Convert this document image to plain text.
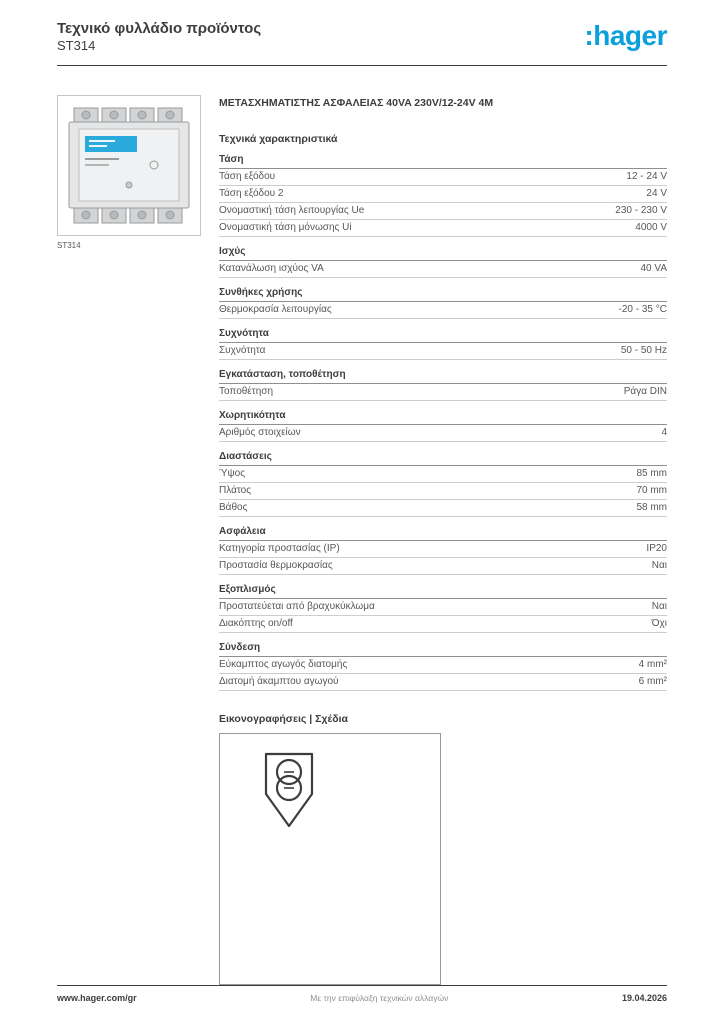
Τεχνικό φυλλάδιο προϊόντος
ST314	:hager
ST314
ΜΕΤΑΣΧΗΜΑΤΙΣΤΗΣ ΑΣΦΑΛΕΙΑΣ 40VA 230V/12-24V 4M
Τεχνικά χαρακτηριστικά
Τάση
Τάση εξόδου	12 - 24 V
Τάση εξόδου 2	24 V
Ονομαστική τάση λειτουργίας Ue	230 - 230 V
Ονομαστική τάση μόνωσης Ui	4000 V
Ισχύς
Κατανάλωση ισχύος VA	40 VA
Συνθήκες χρήσης
Θερμοκρασία λειτουργίας	-20 - 35 °C
Συχνότητα
Συχνότητα	50 - 50 Hz
Εγκατάσταση, τοποθέτηση
Τοποθέτηση	Ράγα DIN
Χωρητικότητα
Αριθμός στοιχείων	4
Διαστάσεις
Ύψος	85 mm
Πλάτος	70 mm
Βάθος	58 mm
Ασφάλεια
Κατηγορία προστασίας (IP)	IP20
Προστασία θερμοκρασίας	Ναι
Εξοπλισμός
Προστατεύεται από βραχυκύκλωμα	Ναι
Διακόπτης on/off	Όχι
Σύνδεση
Εύκαμπτος αγωγός διατομής	4 mm²
Διατομή άκαμπτου αγωγού	6 mm²
Εικονογραφήσεις | Σχέδια
www.hager.com/gr	Με την επιφύλαξη τεχνικών αλλαγών	19.04.2026
